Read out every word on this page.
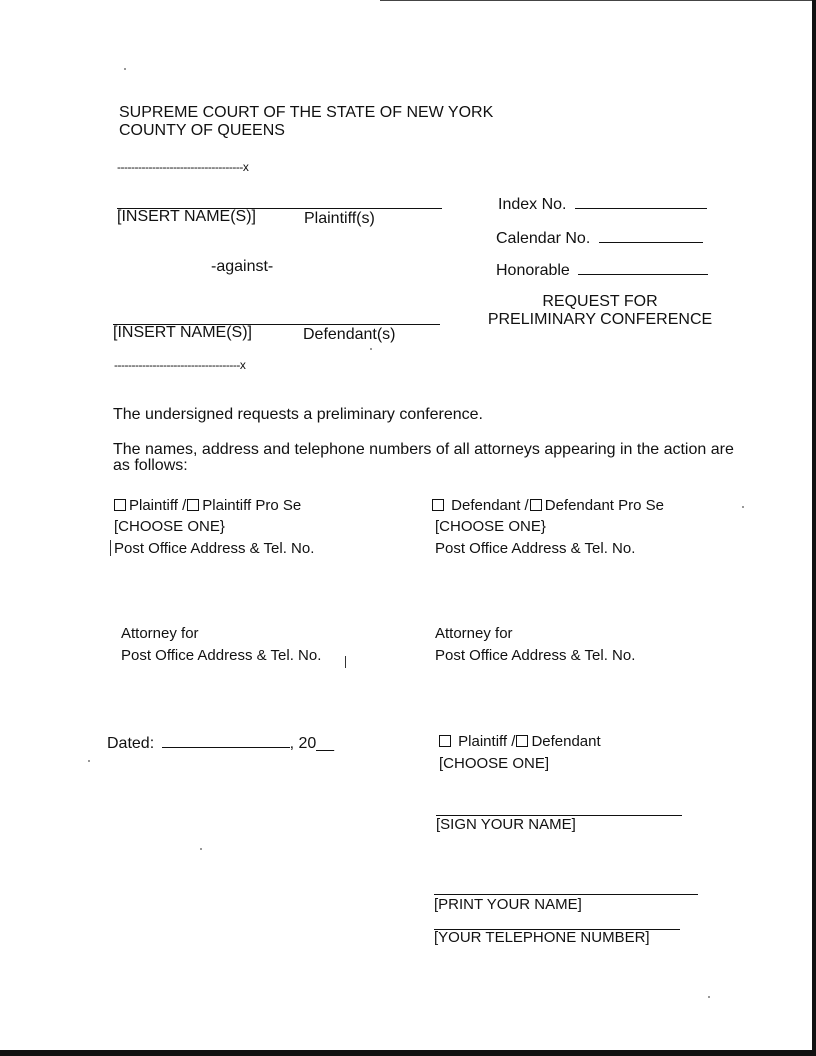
SUPREME COURT OF THE STATE OF NEW YORK
COUNTY OF QUEENS
------------------------------------x
[INSERT NAME(S)]	Plaintiff(s)
-against-
[INSERT NAME(S)]	Defendant(s)
------------------------------------x
Index No.
Calendar No.
Honorable
REQUEST FOR
PRELIMINARY CONFERENCE
The undersigned requests a preliminary conference.
The names, address and telephone numbers of all attorneys appearing in the action are
as follows:
Plaintiff / Plaintiff Pro Se
[CHOOSE ONE}
Post Office Address & Tel. No.
Defendant / Defendant Pro Se
[CHOOSE ONE}
Post Office Address & Tel. No.
Attorney for
Post Office Address & Tel. No.
Attorney for
Post Office Address & Tel. No.
Dated:	, 20__	Plaintiff / Defendant
[CHOOSE ONE]
[SIGN YOUR NAME]
[PRINT YOUR NAME]
[YOUR TELEPHONE NUMBER]
